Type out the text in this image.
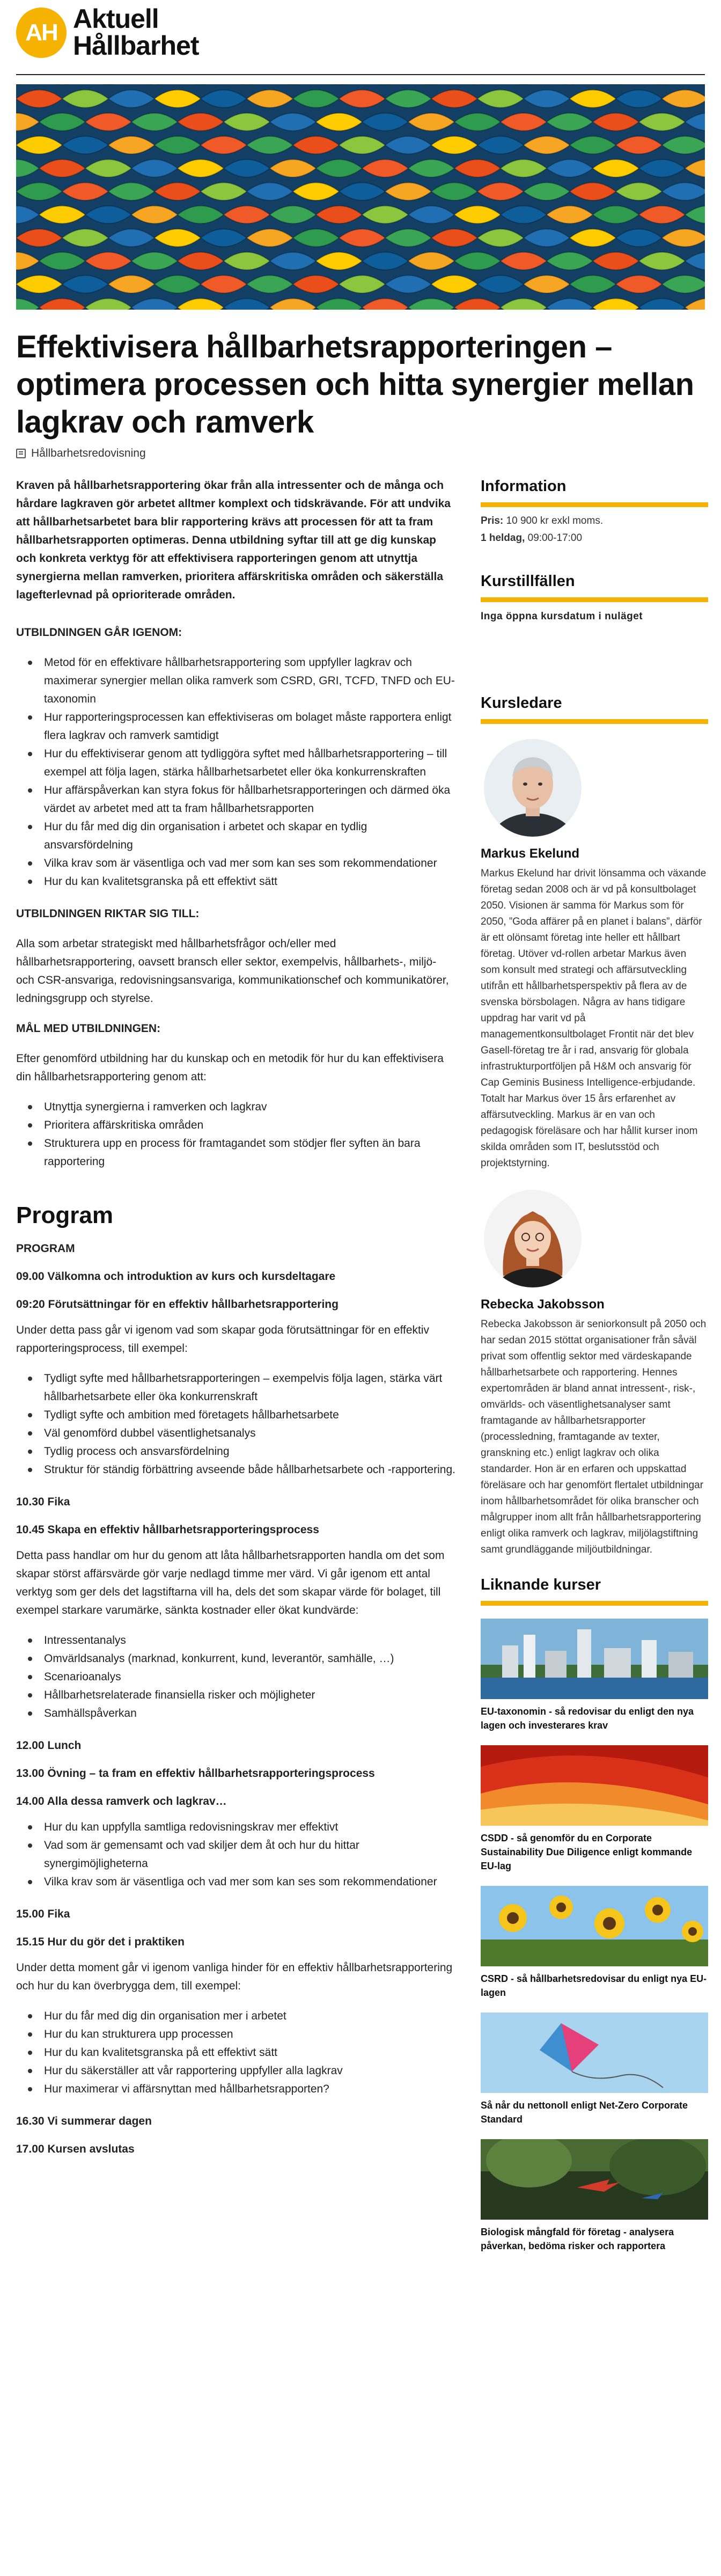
AH Aktuell
Hållbarhet
Effektivisera hållbarhetsrapporteringen – optimera processen och hitta synergier mellan lagkrav och ramverk
Hållbarhetsredovisning
Kraven på hållbarhetsrapportering ökar från alla intressenter och de många och hårdare lagkraven gör arbetet alltmer komplext och tidskrävande. För att undvika att hållbarhetsarbetet bara blir rapportering krävs att processen för att ta fram hållbarhetsrapporten optimeras. Denna utbildning syftar till att ge dig kunskap och konkreta verktyg för att effektivisera rapporteringen genom att utnyttja synergierna mellan ramverken, prioritera affärskritiska områden och säkerställa lagefterlevnad på oprioriterade områden.
UTBILDNINGEN GÅR IGENOM:
Metod för en effektivare hållbarhetsrapportering som uppfyller lagkrav och maximerar synergier mellan olika ramverk som CSRD, GRI, TCFD, TNFD och EU-taxonomin
Hur rapporteringsprocessen kan effektiviseras om bolaget måste rapportera enligt flera lagkrav och ramverk samtidigt
Hur du effektiviserar genom att tydliggöra syftet med hållbarhetsrapportering – till exempel att följa lagen, stärka hållbarhetsarbetet eller öka konkurrenskraften
Hur affärspåverkan kan styra fokus för hållbarhetsrapporteringen och därmed öka värdet av arbetet med att ta fram hållbarhetsrapporten
Hur du får med dig din organisation i arbetet och skapar en tydlig ansvarsfördelning
Vilka krav som är väsentliga och vad mer som kan ses som rekommendationer
Hur du kan kvalitetsgranska på ett effektivt sätt
UTBILDNINGEN RIKTAR SIG TILL:

Alla som arbetar strategiskt med hållbarhetsfrågor och/eller med hållbarhetsrapportering, oavsett bransch eller sektor, exempelvis, hållbarhets-, miljö- och CSR-ansvariga, redovisningsansvariga, kommunikationschef och kommunikatörer, ledningsgrupp och styrelse.

MÅL MED UTBILDNINGEN:

Efter genomförd utbildning har du kunskap och en metodik för hur du kan effektivisera din hållbarhetsrapportering genom att:

Utnyttja synergierna i ramverken och lagkrav
Prioritera affärskritiska områden
Strukturera upp en process för framtagandet som stödjer fler syften än bara rapportering
Program
PROGRAM
09.00 Välkomna och introduktion av kurs och kursdeltagare
09:20 Förutsättningar för en effektiv hållbarhetsrapportering

Under detta pass går vi igenom vad som skapar goda förutsättningar för en effektiv rapporteringsprocess, till exempel:

Tydligt syfte med hållbarhetsrapporteringen – exempelvis följa lagen, stärka värt hållbarhetsarbete eller öka konkurrenskraft
Tydligt syfte och ambition med företagets hållbarhetsarbete
Väl genomförd dubbel väsentlighetsanalys
Tydlig process och ansvarsfördelning
Struktur för ständig förbättring avseende både hållbarhetsarbete och -rapportering.
10.30 Fika
10.45 Skapa en effektiv hållbarhetsrapporteringsprocess

Detta pass handlar om hur du genom att låta hållbarhetsrapporten handla om det som skapar störst affärsvärde gör varje nedlagd timme mer värd. Vi går igenom ett antal verktyg som ger dels det lagstiftarna vill ha, dels det som skapar värde för bolaget, till exempel starkare varumärke, sänkta kostnader eller ökat kundvärde:

Intressentanalys
Omvärldsanalys (marknad, konkurrent, kund, leverantör, samhälle, …)
Scenarioanalys
Hållbarhetsrelaterade finansiella risker och möjligheter
Samhällspåverkan
12.00 Lunch
13.00 Övning – ta fram en effektiv hållbarhetsrapporteringsprocess
14.00 Alla dessa ramverk och lagkrav…
Hur du kan uppfylla samtliga redovisningskrav mer effektivt
Vad som är gemensamt och vad skiljer dem åt och hur du hittar synergimöjligheterna
Vilka krav som är väsentliga och vad mer som kan ses som rekommendationer
15.00 Fika
15.15 Hur du gör det i praktiken

Under detta moment går vi igenom vanliga hinder för en effektiv hållbarhetsrapportering och hur du kan överbrygga dem, till exempel:

Hur du får med dig din organisation mer i arbetet
Hur du kan strukturera upp processen
Hur du kan kvalitetsgranska på ett effektivt sätt
Hur du säkerställer att vår rapportering uppfyller alla lagkrav
Hur maximerar vi affärsnyttan med hållbarhetsrapporten?
16.30 Vi summerar dagen
17.00 Kursen avslutas
Information
Pris: 10 900 kr exkl moms.
1 heldag, 09:00-17:00
Kurstillfällen
Inga öppna kursdatum i nuläget
Kursledare
Markus Ekelund
Markus Ekelund har drivit lönsamma och växande företag sedan 2008 och är vd på konsultbolaget 2050. Visionen är samma för Markus som för 2050, ”Goda affärer på en planet i balans”, därför är ett olönsamt företag inte heller ett hållbart företag. Utöver vd-rollen arbetar Markus även som konsult med strategi och affärsutveckling utifrån ett hållbarhetsperspektiv på flera av de svenska börsbolagen. Några av hans tidigare uppdrag har varit vd på managementkonsultbolaget Frontit när det blev Gasell-företag tre år i rad, ansvarig för globala infrastrukturportföljen på H&M och ansvarig för Cap Geminis Business Intelligence-erbjudande. Totalt har Markus över 15 års erfarenhet av affärsutveckling. Markus är en van och pedagogisk föreläsare och har hållit kurser inom skilda områden som IT, beslutsstöd och projektstyrning.
Rebecka Jakobsson
Rebecka Jakobsson är seniorkonsult på 2050 och har sedan 2015 stöttat organisationer från såväl privat som offentlig sektor med värdeskapande hållbarhetsarbete och rapportering. Hennes expertområden är bland annat intressent-, risk-, omvärlds- och väsentlighetsanalyser samt framtagande av hållbarhetsrapporter (processledning, framtagande av texter, granskning etc.) enligt lagkrav och olika standarder. Hon är en erfaren och uppskattad föreläsare och har genomfört flertalet utbildningar inom hållbarhetsområdet för olika branscher och målgrupper inom allt från hållbarhetsrapportering enligt olika ramverk och lagkrav, miljölagstiftning samt grundläggande miljöutbildningar.
Liknande kurser
EU-taxonomin - så redovisar du enligt den nya lagen och investerares krav
CSDD - så genomför du en Corporate Sustainability Due Diligence enligt kommande EU-lag
CSRD - så hållbarhetsredovisar du enligt nya EU-lagen
Så når du nettonoll enligt Net-Zero Corporate Standard
Biologisk mångfald för företag - analysera påverkan, bedöma risker och rapportera
